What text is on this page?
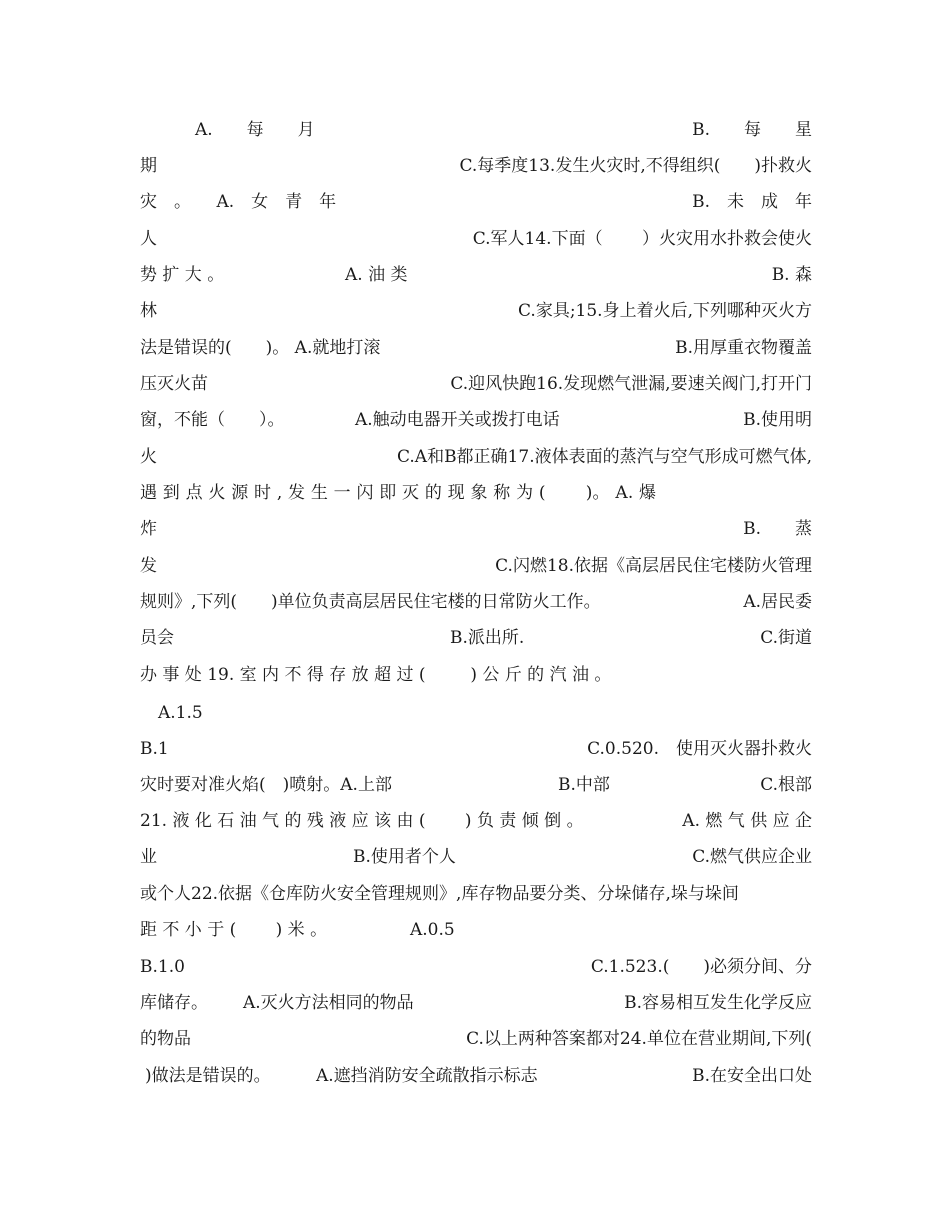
A.　　每　　月	B.　　每　　星
期	C.每季度13.发生火灾时,不得组织(　　)扑救火
灾　。　　A.　女　青　年	B.　未　成　年
人	C.军人14.下面（　　 ）火灾用水扑救会使火
势 扩 大 。	A. 油 类	B. 森
林	C.家具;15.身上着火后,下列哪种灭火方
法是错误的(　　)。 A.就地打滚	B.用厚重衣物覆盖
压灭火苗	C.迎风快跑16.发现燃气泄漏,要速关阀门,打开门
窗，不能（　　）。	A.触动电器开关或拨打电话	B.使用明
火	C.A和B都正确17.液体表面的蒸汽与空气形成可燃气体,
遇 到 点 火 源 时 , 发 生 一 闪 即 灭 的 现 象 称 为 (　　 )。 A. 爆
炸	B.　　蒸
发	C.闪燃18.依据《高层居民住宅楼防火管理
规则》,下列(　　)单位负责高层居民住宅楼的日常防火工作。	A.居民委
员会	B.派出所.	C.街道
办 事 处 19. 室 内 不 得 存 放 超 过 ( 　　 ) 公 斤 的 汽 油 。
A.1.5
B.1	C.0.520.　使用灭火器扑救火
灾时要对准火焰(　)喷射。A.上部	B.中部	C.根部
21. 液 化 石 油 气 的 残 液 应 该 由 (　　 ) 负 责 倾 倒 。	A. 燃 气 供 应 企
业	B.使用者个人	C.燃气供应企业
或个人22.依据《仓库防火安全管理规则》,库存物品要分类、分垛储存,垛与垛间
距 不 小 于 (　　 ) 米 。	A.0.5
B.1.0	C.1.523.(　　)必须分间、分
库储存。 A.灭火方法相同的物品	B.容易相互发生化学反应
的物品	C.以上两种答案都对24.单位在营业期间,下列(
)做法是错误的。	A.遮挡消防安全疏散指示标志	B.在安全出口处
